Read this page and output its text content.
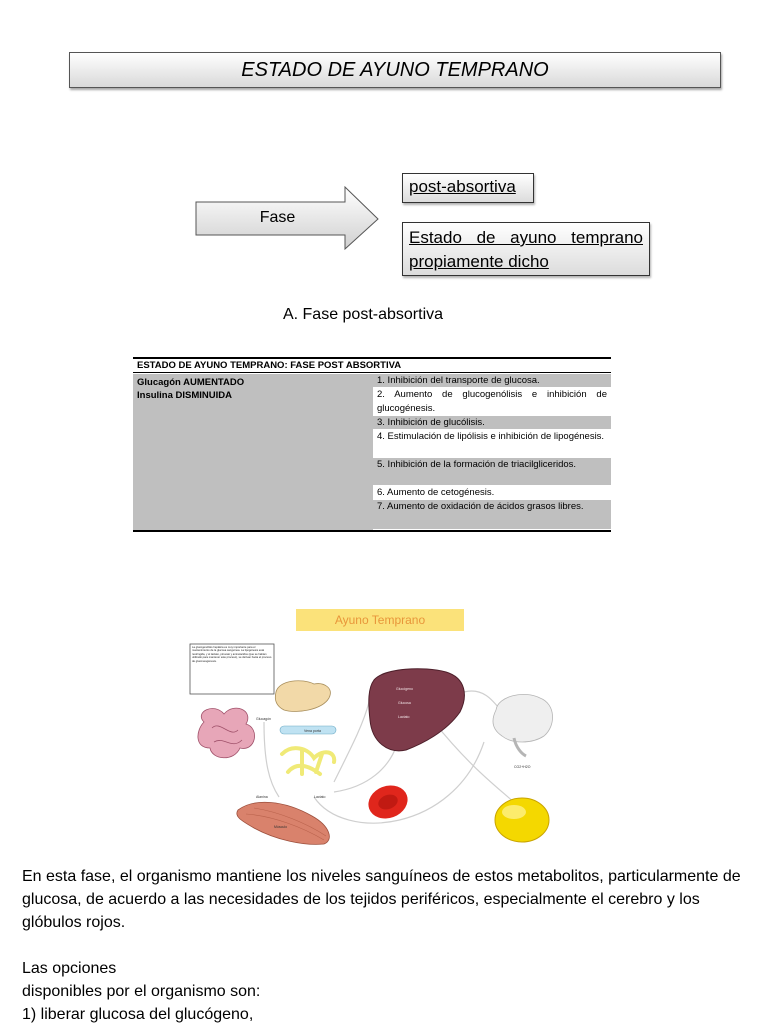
ESTADO DE AYUNO TEMPRANO
Fase
post-absortiva
Estado de ayuno temprano
propiamente dicho
A. Fase post-absortiva
ESTADO DE AYUNO TEMPRANO: FASE POST ABSORTIVA
Glucagón AUMENTADO
Insulina DISMINUIDA
1. Inhibición del transporte de glucosa.
2. Aumento de glucogenólisis e inhibición de glucogénesis.
3. Inhibición de glucólisis.
4. Estimulación de lipólisis e inhibición de lipogénesis.
5. Inhibición de la formación de triacilgliceridos.
6. Aumento de cetogénesis.
7. Aumento de oxidación de ácidos grasos libres.
Ayuno Temprano
La glucogenólisis hepática es muy importante para el mantenimiento de la glucosa sanguínea. La lipogénesis está restringida, y el lactato, piruvato y aminoácidos (que se habían utilizado para mantener este proceso), se derivan hacia el proceso de gluconeogénesis.
Vena porta
Glucagón
Glucógeno
Glucosa
Lactato
CO2+H2O
Músculo
Alanina	Lactato
En esta fase, el organismo mantiene los niveles sanguíneos de estos metabolitos, particularmente de glucosa, de acuerdo a las necesidades de los tejidos periféricos, especialmente el cerebro y los glóbulos rojos.
Las opciones
disponibles por el organismo son:
1) liberar glucosa del glucógeno,
